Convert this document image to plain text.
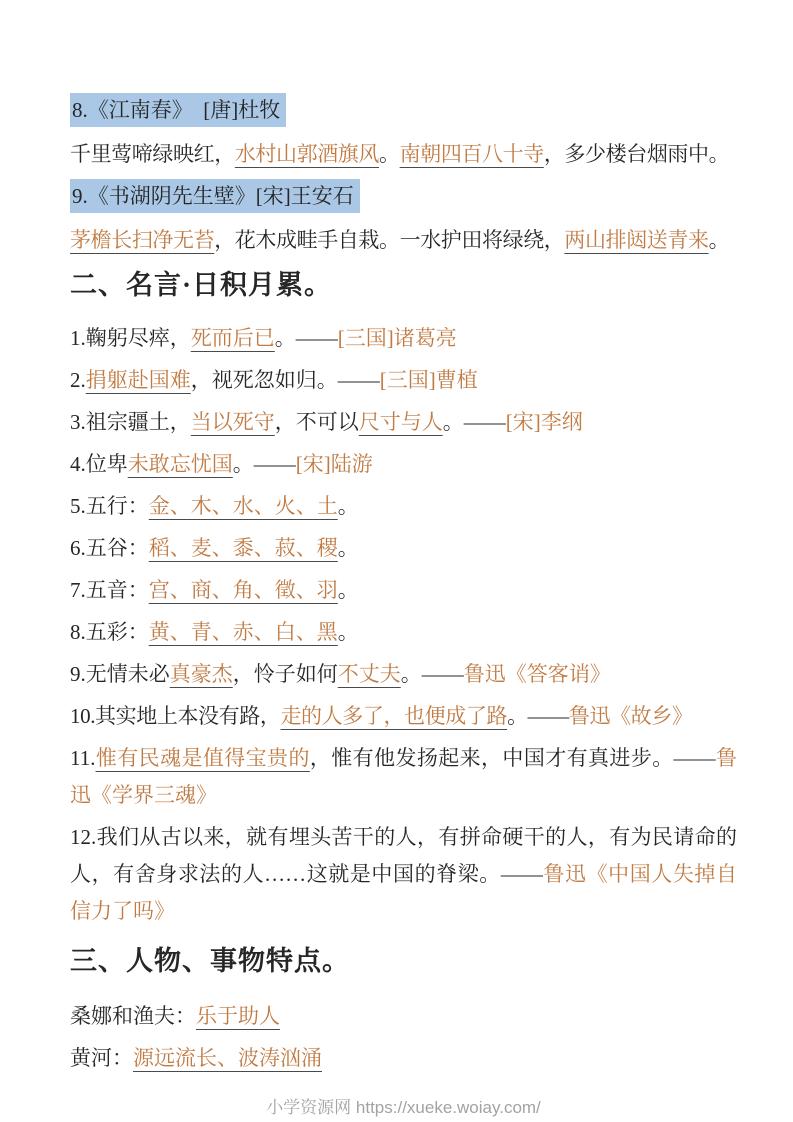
8.《江南春》　[唐]杜牧
千里莺啼绿映红，水村山郭酒旗风。南朝四百八十寺，多少楼台烟雨中。
9.《书湖阴先生壁》[宋]王安石
茅檐长扫净无苔，花木成畦手自栽。一水护田将绿绕，两山排闼送青来。
二、名言·日积月累。
1.鞠躬尽瘁，死而后已。——[三国]诸葛亮
2.捐躯赴国难，视死忽如归。——[三国]曹植
3.祖宗疆土，当以死守，不可以尺寸与人。——[宋]李纲
4.位卑未敢忘忧国。——[宋]陆游
5.五行：金、木、水、火、土。
6.五谷：稻、麦、黍、菽、稷。
7.五音：宫、商、角、徵、羽。
8.五彩：黄、青、赤、白、黑。
9.无情未必真豪杰，怜子如何不丈夫。——鲁迅《答客诮》
10.其实地上本没有路，走的人多了，也便成了路。——鲁迅《故乡》
11.惟有民魂是值得宝贵的，惟有他发扬起来，中国才有真进步。——鲁迅《学界三魂》
12.我们从古以来，就有埋头苦干的人，有拼命硬干的人，有为民请命的人，有舍身求法的人……这就是中国的脊梁。——鲁迅《中国人失掉自信力了吗》
三、人物、事物特点。
桑娜和渔夫：乐于助人
黄河：源远流长、波涛汹涌
小学资源网 https://xueke.woiay.com/
